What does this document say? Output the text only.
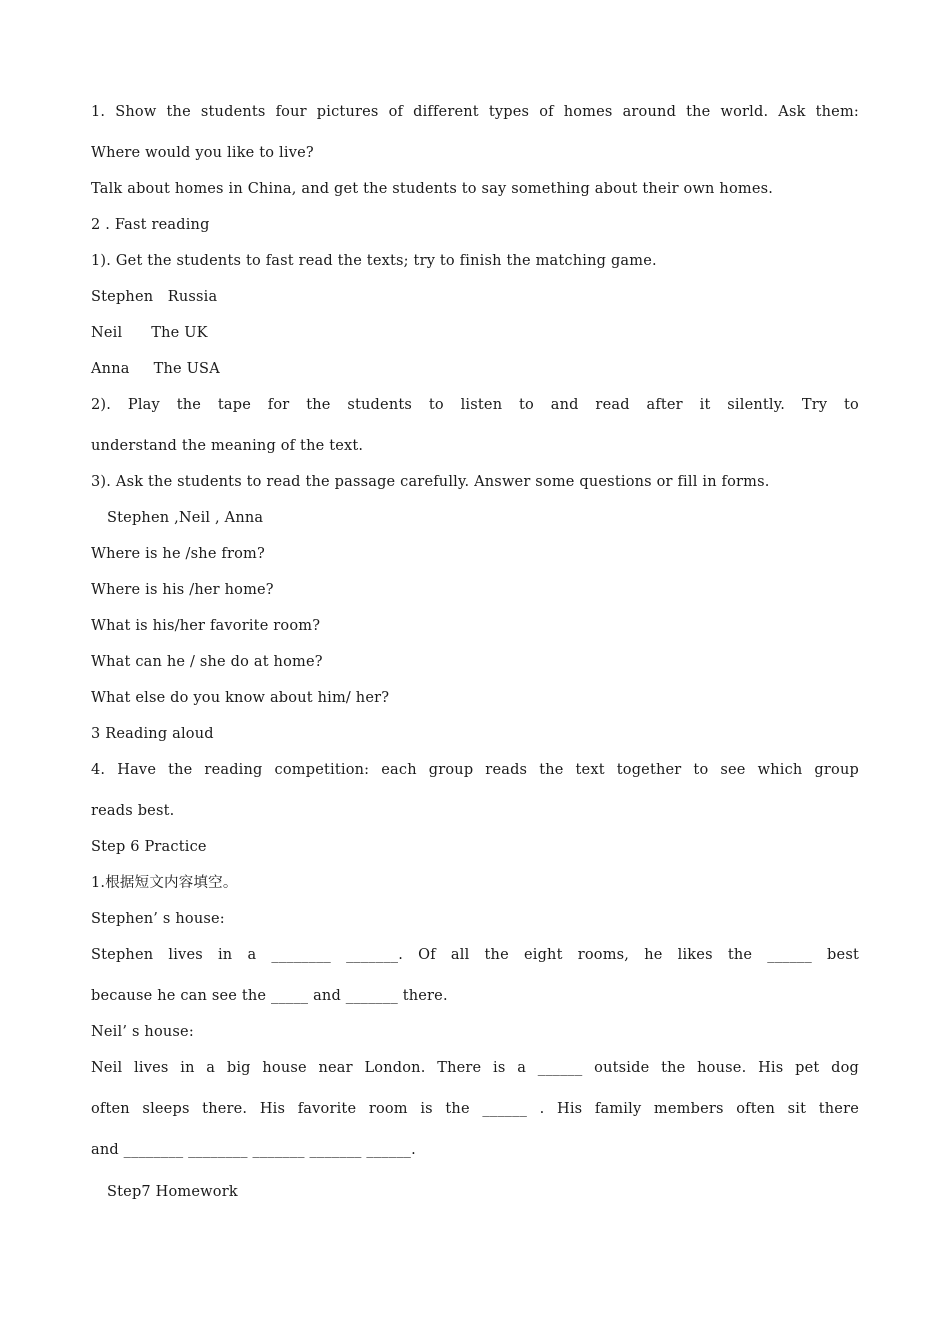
1. Show the students four pictures of different types of homes around the world. Ask them:
Where would you like to live?
Talk about homes in China, and get the students to say something about their own homes.
2 . Fast reading
1). Get the students to fast read the texts; try to finish the matching game.
Stephen   Russia
Neil      The UK
Anna     The USA
2). Play the tape for the students to listen to and read after it silently. Try to
understand the meaning of the text.
3). Ask the students to read the passage carefully. Answer some questions or fill in forms.
Stephen ,Neil , Anna
Where is he /she from?
Where is his /her home?
What is his/her favorite room?
What can he / she do at home?
What else do you know about him/ her?
3 Reading aloud
4. Have the reading competition: each group reads the text together to see which group
reads best.
Step 6 Practice
1.根据短文内容填空。
Stephen’ s house:
Stephen lives in a ________ _______. Of all the eight rooms, he likes the ______ best
because he can see the _____ and _______ there.
Neil’ s house:
Neil lives in a big house near London. There is a ______ outside the house. His pet dog
often sleeps there. His favorite room is the ______ . His family members often sit there
and ________ ________ _______ _______ ______.
Step7 Homework
